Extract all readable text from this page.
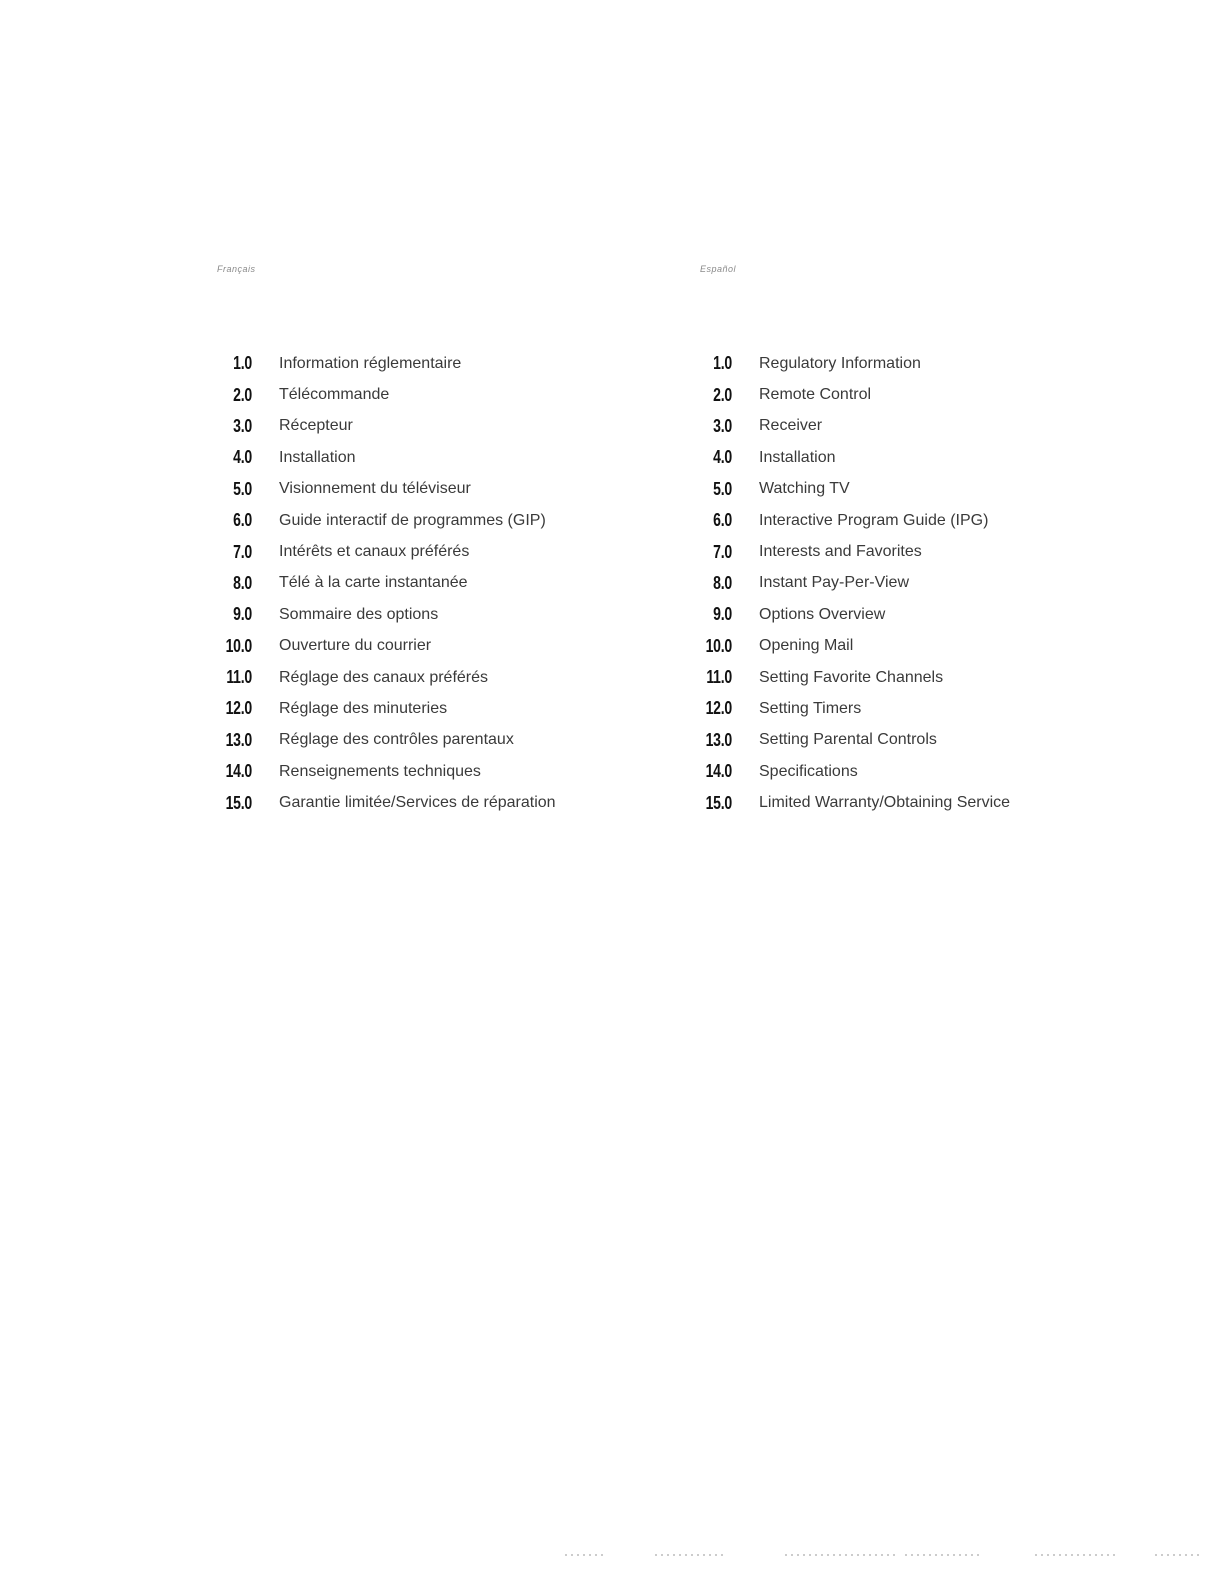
Français	Español
1.0 Information réglementaire
2.0 Télécommande
3.0 Récepteur
4.0 Installation
5.0 Visionnement du téléviseur
6.0 Guide interactif de programmes (GIP)
7.0 Intérêts et canaux préférés
8.0 Télé à la carte instantanée
9.0 Sommaire des options
10.0 Ouverture du courrier
11.0 Réglage des canaux préférés
12.0 Réglage des minuteries
13.0 Réglage des contrôles parentaux
14.0 Renseignements techniques
15.0 Garantie limitée/Services de réparation
1.0 Regulatory Information
2.0 Remote Control
3.0 Receiver
4.0 Installation
5.0 Watching TV
6.0 Interactive Program Guide (IPG)
7.0 Interests and Favorites
8.0 Instant Pay-Per-View
9.0 Options Overview
10.0 Opening Mail
11.0 Setting Favorite Channels
12.0 Setting Timers
13.0 Setting Parental Controls
14.0 Specifications
15.0 Limited Warranty/Obtaining Service
